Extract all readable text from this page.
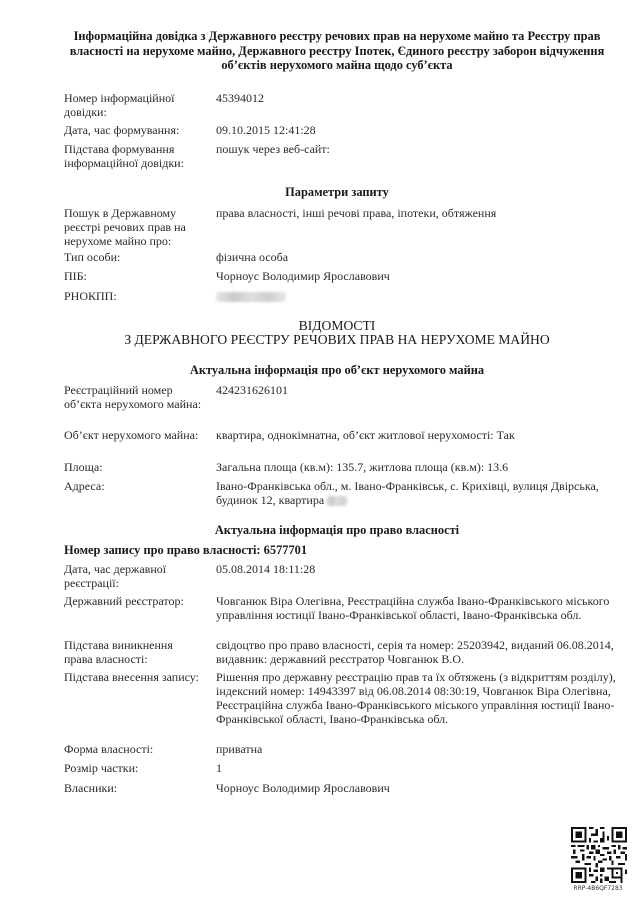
Інформаційна довідка з Державного реєстру речових прав на нерухоме майно та Реєстру прав власності на нерухоме майно, Державного реєстру Іпотек, Єдиного реєстру заборон відчуження об’єктів нерухомого майна щодо суб’єкта
Номер інформаційної довідки:
45394012
Дата, час формування:	09.10.2015 12:41:28
Підстава формування інформаційної довідки:
пошук через веб-сайт:
Параметри запиту
Пошук в Державному реєстрі речових прав на нерухоме майно про:
права власності, інші речові права, іпотеки, обтяження
Тип особи:	фізична особа
ПІБ:	Чорноус Володимир Ярославович
РНОКПП:
ВІДОМОСТІ
З ДЕРЖАВНОГО РЕЄСТРУ РЕЧОВИХ ПРАВ НА НЕРУХОМЕ МАЙНО
Актуальна інформація про об’єкт нерухомого майна
Реєстраційний номер об’єкта нерухомого майна:
424231626101
Об’єкт нерухомого майна:	квартира, однокімнатна, об’єкт житлової нерухомості: Так
Площа:	Загальна площа (кв.м): 135.7, житлова площа (кв.м): 13.6
Адреса:	Івано-Франківська обл., м. Івано-Франківськ, с. Крихівці, вулиця Двірська, будинок 12, квартира
Актуальна інформація про право власності
Номер запису про право власності: 6577701
Дата, час державної реєстрації:
05.08.2014 18:11:28
Державний реєстратор:	Човганюк Віра Олегівна, Реєстраційна служба Івано-Франківського міського управління юстиції Івано-Франківської області, Івано-Франківська обл.
Підстава виникнення права власності:
свідоцтво про право власності, серія та номер: 25203942, виданий 06.08.2014, видавник: державний реєстратор Човганюк В.О.
Підстава внесення запису:	Рішення про державну реєстрацію прав та їх обтяжень (з відкриттям розділу), індексний номер: 14943397 від 06.08.2014 08:30:19, Човганюк Віра Олегівна, Реєстраційна служба Івано-Франківського міського управління юстиції Івано-Франківської області, Івано-Франківська обл.
Форма власності:	приватна
Розмір частки:	1
Власники:	Чорноус Володимир Ярославович
RRP-4B6QF7283
